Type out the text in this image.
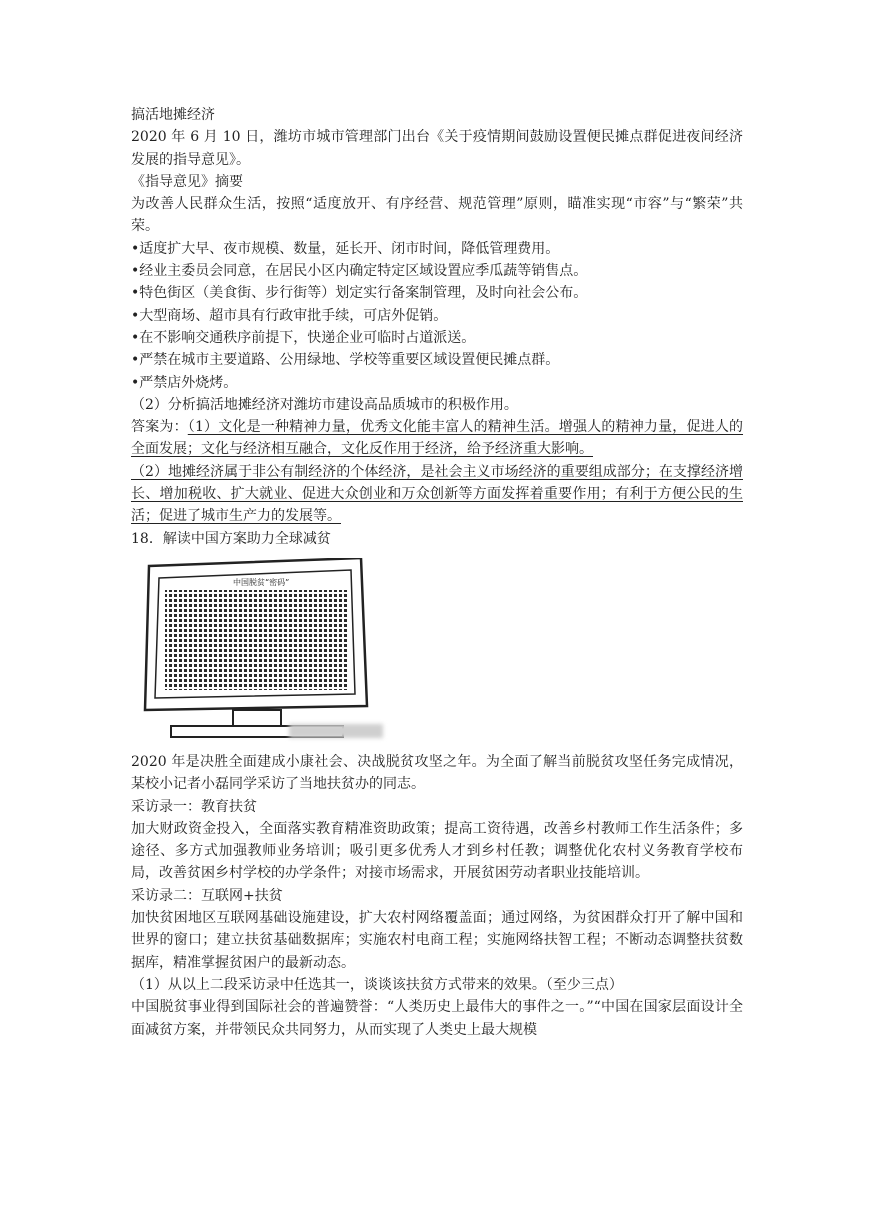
搞活地摊经济

2020 年 6 月 10 日，潍坊市城市管理部门出台《关于疫情期间鼓励设置便民摊点群促进夜间经济发展的指导意见》。

《指导意见》摘要

为改善人民群众生活，按照“适度放开、有序经营、规范管理”原则，瞄准实现“市容”与“繁荣”共荣。

•适度扩大早、夜市规模、数量，延长开、闭市时间，降低管理费用。

•经业主委员会同意，在居民小区内确定特定区域设置应季瓜蔬等销售点。

•特色街区（美食街、步行街等）划定实行备案制管理，及时向社会公布。

•大型商场、超市具有行政审批手续，可店外促销。

•在不影响交通秩序前提下，快递企业可临时占道派送。

•严禁在城市主要道路、公用绿地、学校等重要区域设置便民摊点群。

•严禁店外烧烤。

（2）分析搞活地摊经济对潍坊市建设高品质城市的积极作用。

答案为：（1）文化是一种精神力量，优秀文化能丰富人的精神生活。增强人的精神力量，促进人的全面发展；文化与经济相互融合，文化反作用于经济，给予经济重大影响。

（2）地摊经济属于非公有制经济的个体经济，是社会主义市场经济的重要组成部分；在支撑经济增长、增加税收、扩大就业、促进大众创业和万众创新等方面发挥着重要作用；有利于方便公民的生活；促进了城市生产力的发展等。

18．解读中国方案助力全球减贫

中国脱贫“密码”

2020 年是决胜全面建成小康社会、决战脱贫攻坚之年。为全面了解当前脱贫攻坚任务完成情况，某校小记者小磊同学采访了当地扶贫办的同志。

采访录一：教育扶贫

加大财政资金投入，全面落实教育精准资助政策；提高工资待遇，改善乡村教师工作生活条件；多途径、多方式加强教师业务培训；吸引更多优秀人才到乡村任教；调整优化农村义务教育学校布局，改善贫困乡村学校的办学条件；对接市场需求，开展贫困劳动者职业技能培训。

采访录二：互联网+扶贫

加快贫困地区互联网基础设施建设，扩大农村网络覆盖面；通过网络，为贫困群众打开了解中国和世界的窗口；建立扶贫基础数据库；实施农村电商工程；实施网络扶智工程；不断动态调整扶贫数据库，精准掌握贫困户的最新动态。

（1）从以上二段采访录中任选其一，谈谈该扶贫方式带来的效果。（至少三点）

中国脱贫事业得到国际社会的普遍赞誉：“人类历史上最伟大的事件之一。”“中国在国家层面设计全面减贫方案，并带领民众共同努力，从而实现了人类史上最大规模
